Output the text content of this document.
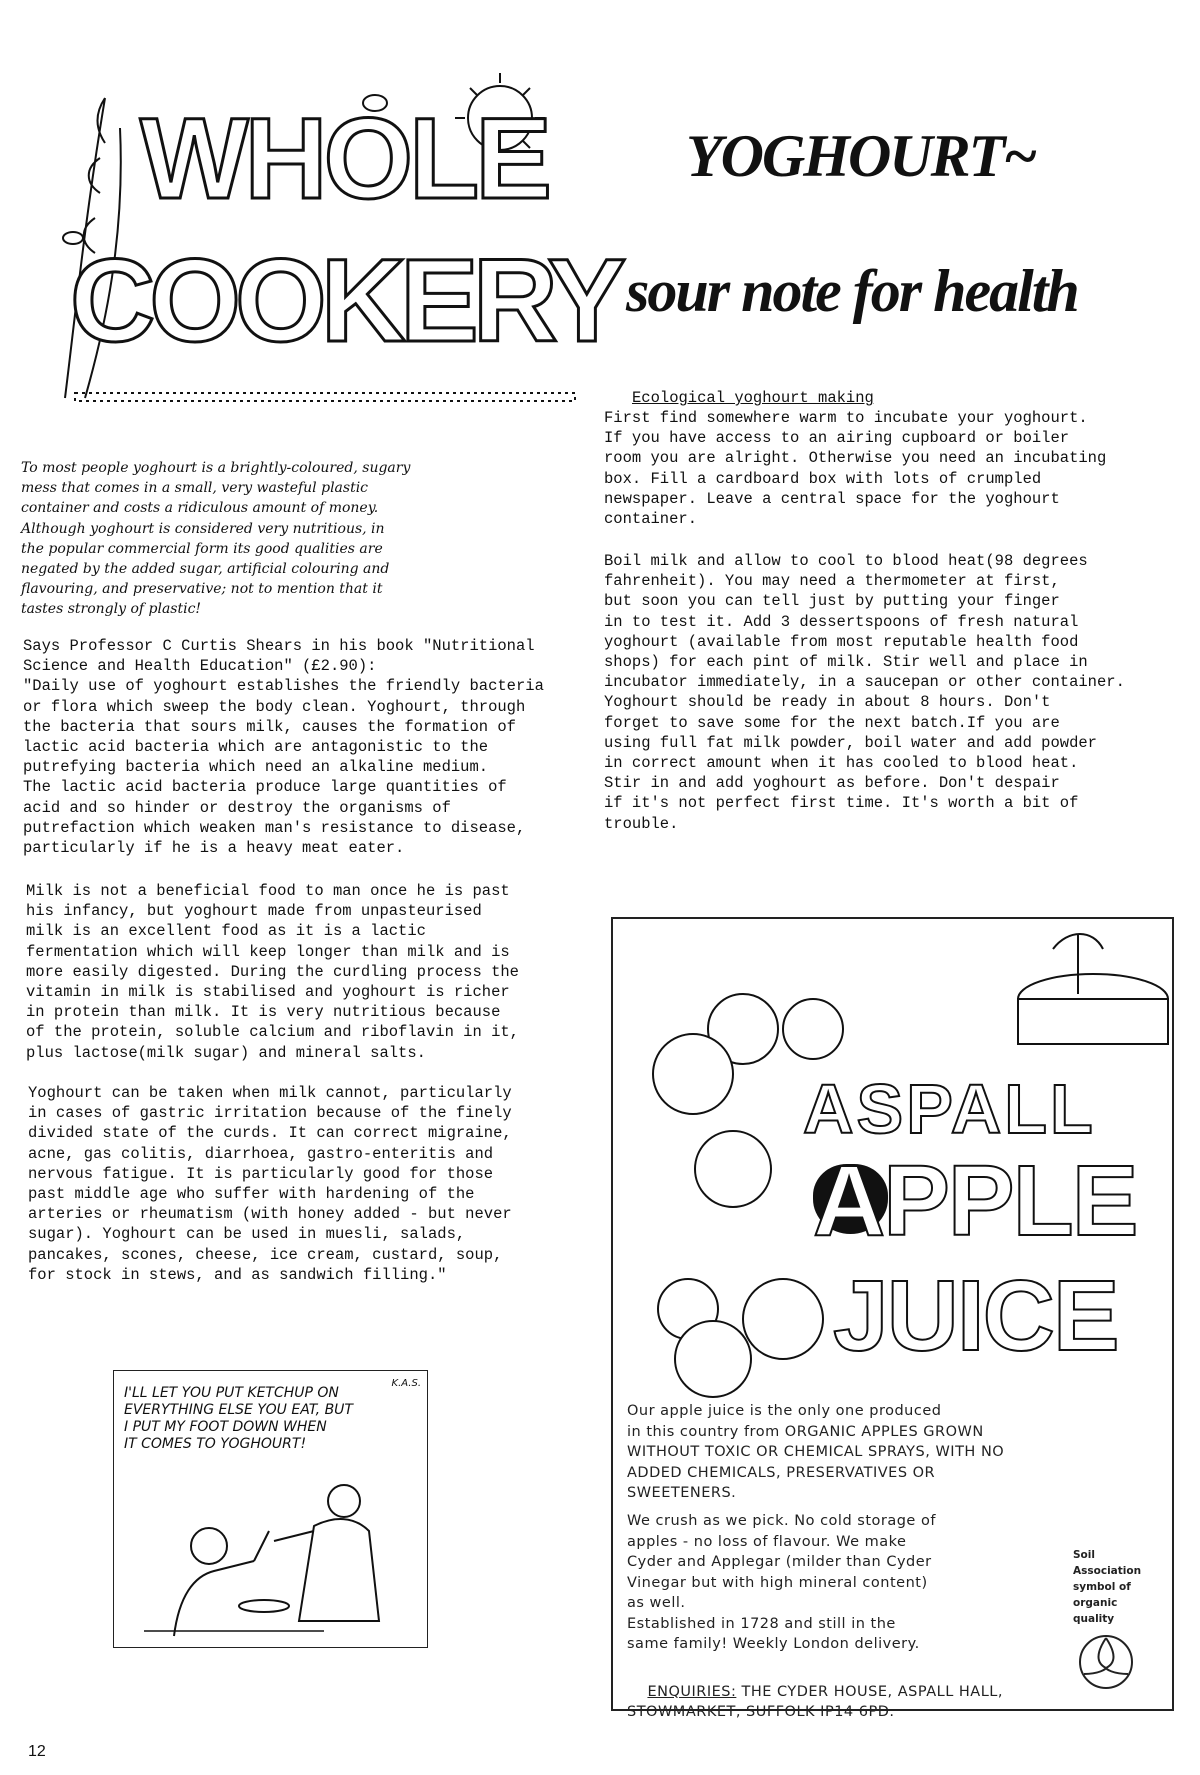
WHOLE
COOKERY
YOGHOURT~
sour note for health
To most people yoghourt is a brightly-coloured, sugary
mess that comes in a small, very wasteful plastic
container and costs a ridiculous amount of money.
Although yoghourt is considered very nutritious, in
the popular commercial form its good qualities are
negated by the added sugar, artificial colouring and
flavouring, and preservative; not to mention that it
tastes strongly of plastic!
Says Professor C Curtis Shears in his book "Nutritional
Science and Health Education" (£2.90):
"Daily use of yoghourt establishes the friendly bacteria
or flora which sweep the body clean. Yoghourt, through
the bacteria that sours milk, causes the formation of
lactic acid bacteria which are antagonistic to the
putrefying bacteria which need an alkaline medium.
The lactic acid bacteria produce large quantities of
acid and so hinder or destroy the organisms of
putrefaction which weaken man's resistance to disease,
particularly if he is a heavy meat eater.
Milk is not a beneficial food to man once he is past
his infancy, but yoghourt made from unpasteurised
milk is an excellent food as it is a lactic
fermentation which will keep longer than milk and is
more easily digested. During the curdling process the
vitamin in milk is stabilised and yoghourt is richer
in protein than milk. It is very nutritious because
of the protein, soluble calcium and riboflavin in it,
plus lactose(milk sugar) and mineral salts.
Yoghourt can be taken when milk cannot, particularly
in cases of gastric irritation because of the finely
divided state of the curds. It can correct migraine,
acne, gas colitis, diarrhoea, gastro-enteritis and
nervous fatigue. It is particularly good for those
past middle age who suffer with hardening of the
arteries or rheumatism (with honey added - but never
sugar). Yoghourt can be used in muesli, salads,
pancakes, scones, cheese, ice cream, custard, soup,
for stock in stews, and as sandwich filling."
Ecological yoghourt making
First find somewhere warm to incubate your yoghourt.
If you have access to an airing cupboard or boiler
room you are alright. Otherwise you need an incubating
box. Fill a cardboard box with lots of crumpled
newspaper. Leave a central space for the yoghourt
container.
Boil milk and allow to cool to blood heat(98 degrees
fahrenheit). You may need a thermometer at first,
but soon you can tell just by putting your finger
in to test it. Add 3 dessertspoons of fresh natural
yoghourt (available from most reputable health food
shops) for each pint of milk. Stir well and place in
incubator immediately, in a saucepan or other container.
Yoghourt should be ready in about 8 hours. Don't
forget to save some for the next batch.If you are
using full fat milk powder, boil water and add powder
in correct amount when it has cooled to blood heat.
Stir in and add yoghourt as before. Don't despair
if it's not perfect first time. It's worth a bit of
trouble.
K.A.S.
I'LL LET YOU PUT KETCHUP ON
EVERYTHING ELSE YOU EAT, BUT
I PUT MY FOOT DOWN WHEN
IT COMES TO YOGHOURT!
ASPALL
APPLE
JUICE
Our apple juice is the only one produced
in this country from ORGANIC APPLES GROWN
WITHOUT TOXIC OR CHEMICAL SPRAYS, WITH NO
ADDED CHEMICALS, PRESERVATIVES OR
SWEETENERS.
We crush as we pick. No cold storage of
apples - no loss of flavour. We make
Cyder and Applegar (milder than Cyder
Vinegar but with high mineral content)
as well.
Established in 1728 and still in the
same family! Weekly London delivery.

ENQUIRIES: THE CYDER HOUSE, ASPALL HALL,
STOWMARKET, SUFFOLK IP14 6PD.

Soil
Association
symbol of
organic
quality
12
